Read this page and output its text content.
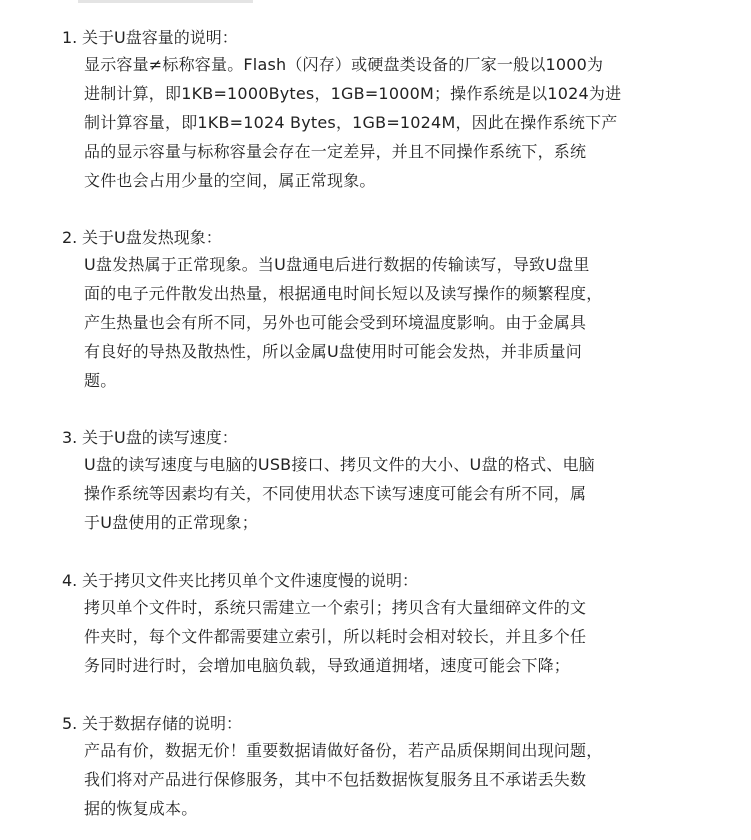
1. 关于U盘容量的说明：
显示容量≠标称容量。Flash（闪存）或硬盘类设备的厂家一般以1000为
进制计算，即1KB=1000Bytes，1GB=1000M；操作系统是以1024为进
制计算容量，即1KB=1024 Bytes，1GB=1024M，因此在操作系统下产
品的显示容量与标称容量会存在一定差异，并且不同操作系统下，系统
文件也会占用少量的空间，属正常现象。
2. 关于U盘发热现象：
U盘发热属于正常现象。当U盘通电后进行数据的传输读写，导致U盘里
面的电子元件散发出热量，根据通电时间长短以及读写操作的频繁程度，
产生热量也会有所不同，另外也可能会受到环境温度影响。由于金属具
有良好的导热及散热性，所以金属U盘使用时可能会发热，并非质量问
题。
3. 关于U盘的读写速度：
U盘的读写速度与电脑的USB接口、拷贝文件的大小、U盘的格式、电脑
操作系统等因素均有关，不同使用状态下读写速度可能会有所不同，属
于U盘使用的正常现象；
4. 关于拷贝文件夹比拷贝单个文件速度慢的说明：
拷贝单个文件时，系统只需建立一个索引；拷贝含有大量细碎文件的文
件夹时，每个文件都需要建立索引，所以耗时会相对较长，并且多个任
务同时进行时，会增加电脑负载，导致通道拥堵，速度可能会下降；
5. 关于数据存储的说明：
产品有价，数据无价！重要数据请做好备份，若产品质保期间出现问题，
我们将对产品进行保修服务，其中不包括数据恢复服务且不承诺丢失数
据的恢复成本。
